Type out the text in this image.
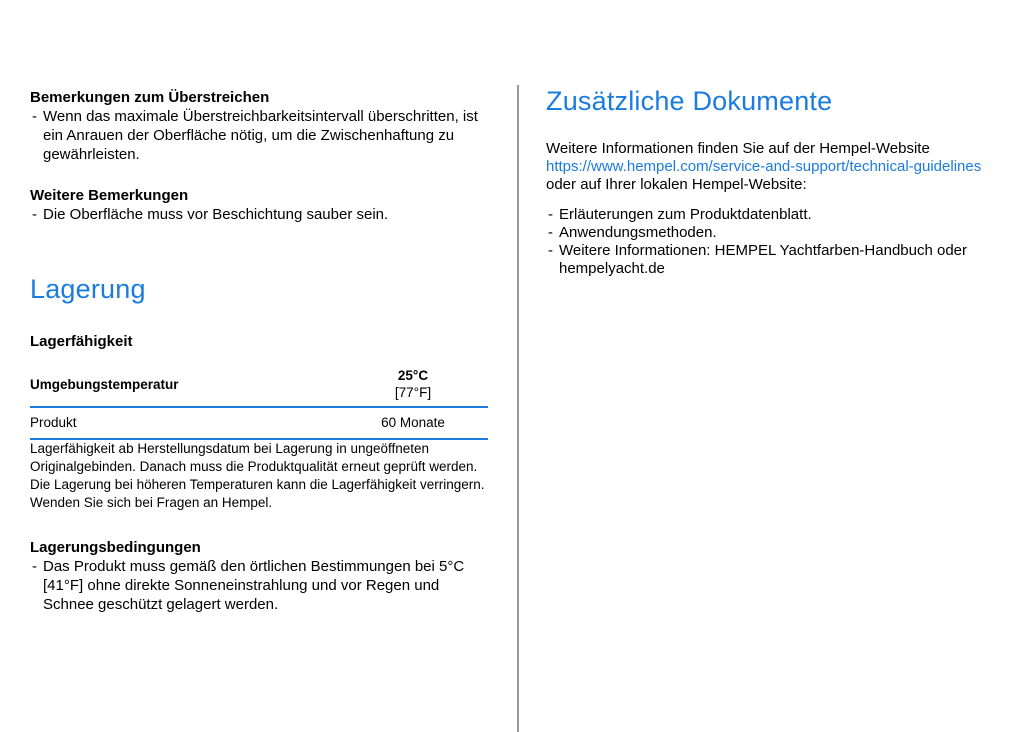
Bemerkungen zum Überstreichen
- Wenn das maximale Überstreichbarkeitsintervall überschritten, ist ein Anrauen der Oberfläche nötig, um die Zwischenhaftung zu gewährleisten.
Weitere Bemerkungen
- Die Oberfläche muss vor Beschichtung sauber sein.
Lagerung
Lagerfähigkeit
Umgebungstemperatur
25°C
[77°F]
Produkt	60 Monate

Lagerfähigkeit ab Herstellungsdatum bei Lagerung in ungeöffneten Originalgebinden. Danach muss die Produktqualität erneut geprüft werden. Die Lagerung bei höheren Temperaturen kann die Lagerfähigkeit verringern. Wenden Sie sich bei Fragen an Hempel.

Lagerungsbedingungen
- Das Produkt muss gemäß den örtlichen Bestimmungen bei 5°C [41°F] ohne direkte Sonneneinstrahlung und vor Regen und Schnee geschützt gelagert werden.
Zusätzliche Dokumente
Weitere Informationen finden Sie auf der Hempel-Website
https://www.hempel.com/service-and-support/technical-guidelines
oder auf Ihrer lokalen Hempel-Website:
- Erläuterungen zum Produktdatenblatt.
- Anwendungsmethoden.
- Weitere Informationen: HEMPEL Yachtfarben-Handbuch oder hempelyacht.de
